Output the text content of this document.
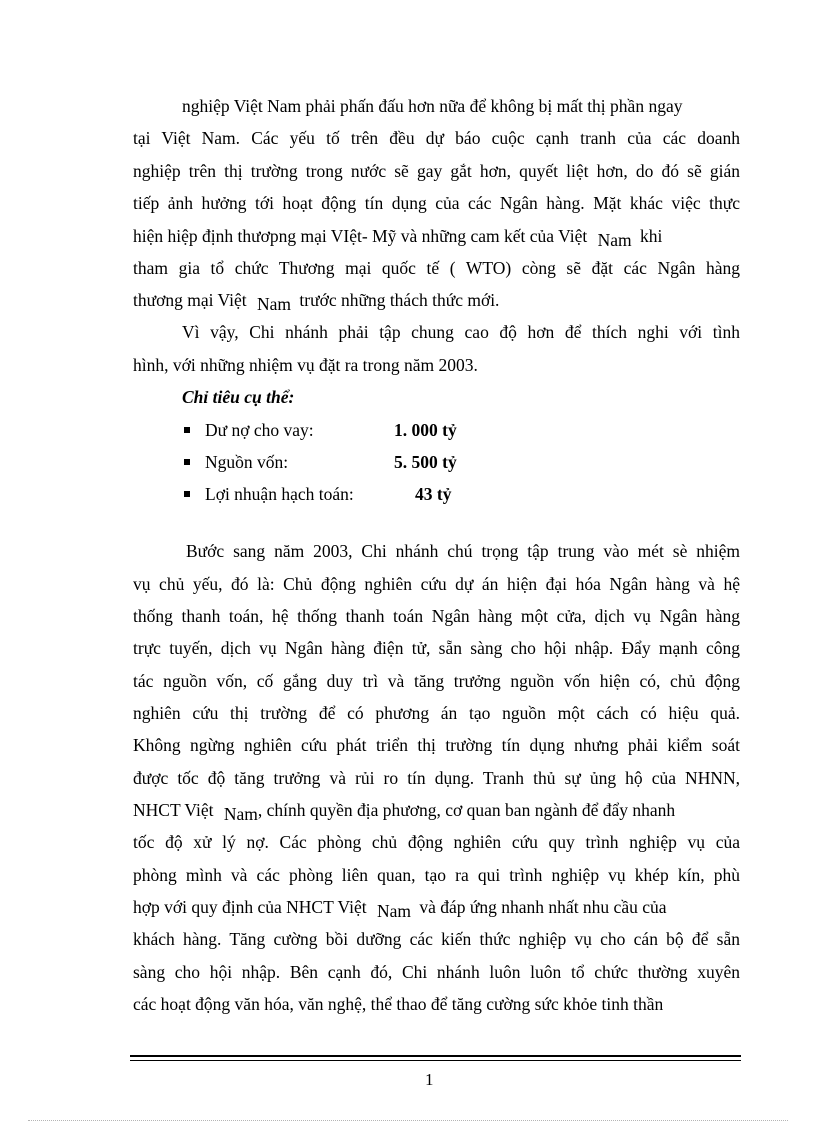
nghiệp Việt Nam phải phấn đấu hơn nữa để không bị mất thị phần ngay
tại Việt Nam. Các yếu tố trên đều dự báo cuộc cạnh tranh của các doanh
nghiệp trên thị trường trong nước sẽ gay gắt hơn, quyết liệt hơn, do đó sẽ gián
tiếp ảnh hưởng tới hoạt động tín dụng của các Ngân hàng. Mặt khác việc thực
hiện hiệp định thươpng mại VIệt- Mỹ và những cam kết của Việt Nam khi
tham gia tổ chức Thương mại quốc tế ( WTO) còng sẽ đặt các Ngân hàng
thương mại Việt Nam trước những thách thức mới.
Vì vậy, Chi nhánh phải tập chung cao độ hơn để thích nghi với tình
hình, với những nhiệm vụ đặt ra trong năm 2003.
Chỉ tiêu cụ thể:
Dư nợ cho vay:	1. 000 tỷ
Nguồn vốn:	5. 500 tỷ
Lợi nhuận hạch toán:	43 tỷ
Bước sang năm 2003, Chi nhánh chú trọng tập trung vào mét sè nhiệm
vụ chủ yếu, đó là: Chủ động nghiên cứu dự án hiện đại hóa Ngân hàng và hệ
thống thanh toán, hệ thống thanh toán Ngân hàng một cửa, dịch vụ Ngân hàng
trực tuyến, dịch vụ Ngân hàng điện tử, sẵn sàng cho hội nhập. Đẩy mạnh công
tác nguồn vốn, cố gắng duy trì và tăng trưởng nguồn vốn hiện có, chủ động
nghiên cứu thị trường để có phương án tạo nguồn một cách có hiệu quả.
Không ngừng nghiên cứu phát triển thị trường tín dụng nhưng phải kiểm soát
được tốc độ tăng trưởng và rủi ro tín dụng. Tranh thủ sự ủng hộ của NHNN,
NHCT Việt Nam, chính quyền địa phương, cơ quan ban ngành để đẩy nhanh
tốc độ xử lý nợ. Các phòng chủ động nghiên cứu quy trình nghiệp vụ của
phòng mình và các phòng liên quan, tạo ra qui trình nghiệp vụ khép kín, phù
hợp với quy định của NHCT Việt Nam và đáp ứng nhanh nhất nhu cầu của
khách hàng. Tăng cường bồi dưỡng các kiến thức nghiệp vụ cho cán bộ để sẵn
sàng cho hội nhập. Bên cạnh đó, Chi nhánh luôn luôn tổ chức thường xuyên
các hoạt động văn hóa, văn nghệ, thể thao để tăng cường sức khỏe tinh thần
1
